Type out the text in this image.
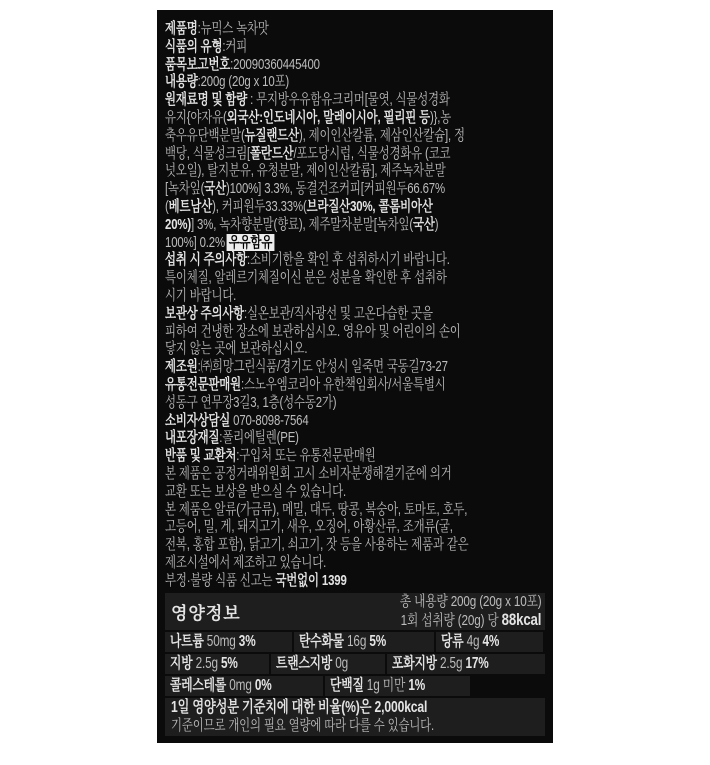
제품명:뉴믹스 녹차맛
식품의 유형:커피
품목보고번호:20090360445400
내용량:200g (20g x 10포)
원재료명 및 함량 : 무지방우유함유크리머[물엿, 식물성경화
유지{야자유(외국산:인도네시아, 말레이시아, 필리핀 등)},농
축우유단백분말(뉴질랜드산), 제이인산칼륨, 제삼인산칼슘], 정
백당, 식물성크림[폴란드산/포도당시럽, 식물성경화유 (코코
넛오일), 탈지분유, 유청분말, 제이인산칼륨], 제주녹차분말
[녹차잎(국산)100%] 3.3%, 동결건조커피[커피원두66.67%
(베트남산), 커피원두33.33%(브라질산30%, 콜롬비아산
20%)] 3%, 녹차향분말(향료), 제주말차분말[녹차잎(국산)
100%] 0.2% 우유함유
섭취 시 주의사항:소비기한을 확인 후 섭취하시기 바랍니다.
특이체질, 알레르기체질이신 분은 성분을 확인한 후 섭취하
시기 바랍니다.
보관상 주의사항:실온보관/직사광선 및 고온다습한 곳을
피하여 건냉한 장소에 보관하십시오. 영유아 및 어린이의 손이
닿지 않는 곳에 보관하십시오.
제조원:㈜희망그린식품/경기도 안성시 일죽면 국동길73-27
유통전문판매원:스노우엠코리아 유한책임회사/서울특별시
성동구 연무장3길3, 1층(성수동2가)
소비자상담실 070-8098-7564
내포장재질:폴리에틸렌(PE)
반품 및 교환처:구입처 또는 유통전문판매원
본 제품은 공정거래위원회 고시 소비자분쟁해결기준에 의거
교환 또는 보상을 받으실 수 있습니다.
본 제품은 알류(가금류), 메밀, 대두, 땅콩, 복숭아, 토마토, 호두,
고등어, 밀, 게, 돼지고기, 새우, 오징어, 아황산류, 조개류(굴,
전복, 홍합 포함), 닭고기, 쇠고기, 잣 등을 사용하는 제품과 같은
제조시설에서 제조하고 있습니다.
부정·불량 식품 신고는 국번없이 1399
영양정보
총 내용량 200g (20g x 10포)
1회 섭취량 (20g) 당 88kcal
나트륨 50mg 3%	탄수화물 16g 5%	당류 4g 4%
지방 2.5g 5% 트랜스지방 0g	포화지방 2.5g 17%
콜레스테롤 0mg 0%	단백질 1g 미만 1%
1일 영양성분 기준치에 대한 비율(%)은 2,000kcal
기준이므로 개인의 필요 열량에 따라 다를 수 있습니다.
